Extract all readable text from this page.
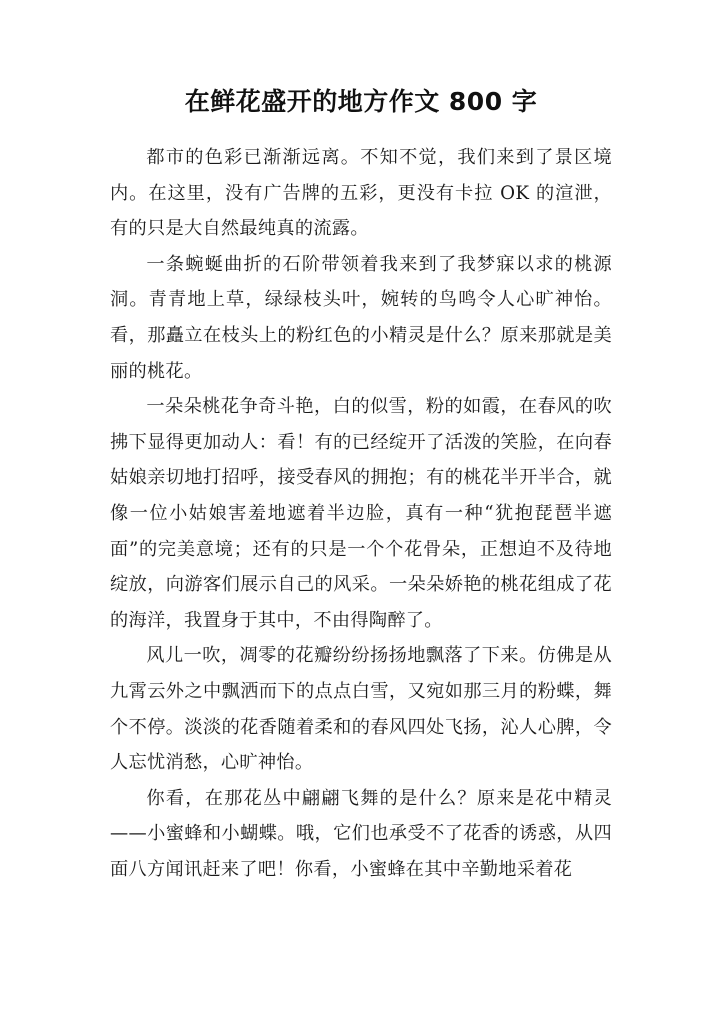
在鲜花盛开的地方作文 800 字

都市的色彩已渐渐远离。不知不觉，我们来到了景区境内。在这里，没有广告牌的五彩，更没有卡拉 OK 的渲泄，有的只是大自然最纯真的流露。

一条蜿蜒曲折的石阶带领着我来到了我梦寐以求的桃源洞。青青地上草，绿绿枝头叶，婉转的鸟鸣令人心旷神怡。看，那矗立在枝头上的粉红色的小精灵是什么？原来那就是美丽的桃花。

一朵朵桃花争奇斗艳，白的似雪，粉的如霞，在春风的吹拂下显得更加动人：看！有的已经绽开了活泼的笑脸，在向春姑娘亲切地打招呼，接受春风的拥抱；有的桃花半开半合，就像一位小姑娘害羞地遮着半边脸，真有一种“犹抱琵琶半遮面”的完美意境；还有的只是一个个花骨朵，正想迫不及待地绽放，向游客们展示自己的风采。一朵朵娇艳的桃花组成了花的海洋，我置身于其中，不由得陶醉了。

风儿一吹，凋零的花瓣纷纷扬扬地飘落了下来。仿佛是从九霄云外之中飘洒而下的点点白雪，又宛如那三月的粉蝶，舞个不停。淡淡的花香随着柔和的春风四处飞扬，沁人心脾，令人忘忧消愁，心旷神怡。

你看，在那花丛中翩翩飞舞的是什么？原来是花中精灵——小蜜蜂和小蝴蝶。哦，它们也承受不了花香的诱惑，从四面八方闻讯赶来了吧！你看，小蜜蜂在其中辛勤地采着花
